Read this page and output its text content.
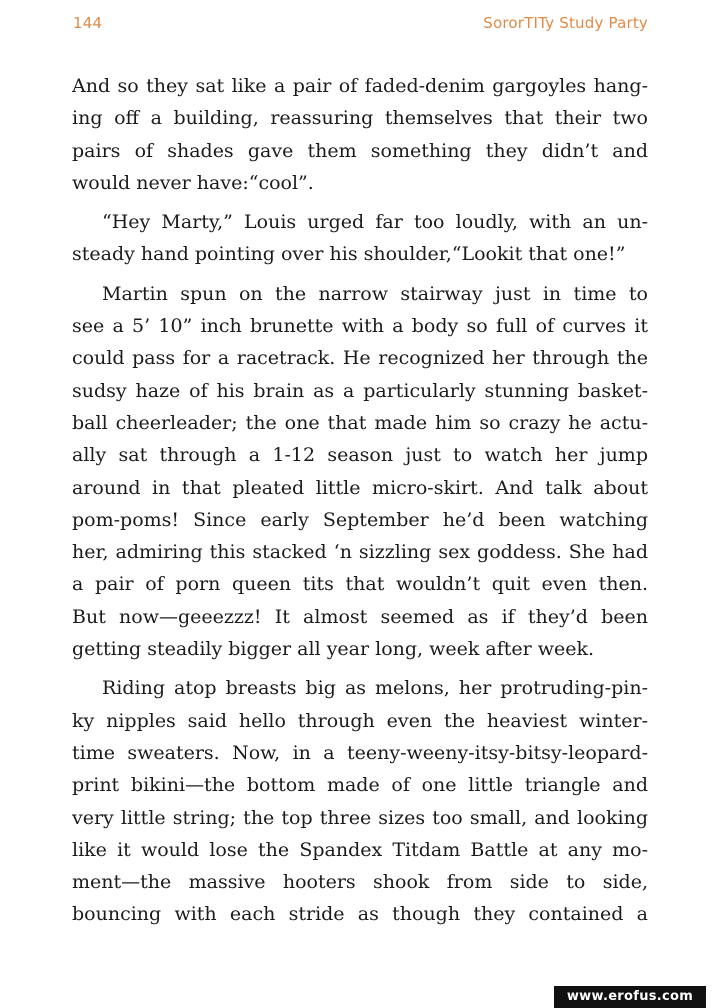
144	SororTITy Study Party
And so they sat like a pair of faded-denim gargoyles hang-
ing off a building, reassuring themselves that their two
pairs of shades gave them something they didn’t and
would never have:“cool”.
“Hey Marty,” Louis urged far too loudly, with an un-
steady hand pointing over his shoulder,“Lookit that one!”
Martin spun on the narrow stairway just in time to
see a 5’ 10” inch brunette with a body so full of curves it
could pass for a racetrack. He recognized her through the
sudsy haze of his brain as a particularly stunning basket-
ball cheerleader; the one that made him so crazy he actu-
ally sat through a 1-12 season just to watch her jump
around in that pleated little micro-skirt. And talk about
pom-poms! Since early September he’d been watching
her, admiring this stacked ‘n sizzling sex goddess. She had
a pair of porn queen tits that wouldn’t quit even then.
But now—geeezzz! It almost seemed as if they’d been
getting steadily bigger all year long, week after week.
Riding atop breasts big as melons, her protruding-pin-
ky nipples said hello through even the heaviest winter-
time sweaters. Now, in a teeny-weeny-itsy-bitsy-leopard-
print bikini—the bottom made of one little triangle and
very little string; the top three sizes too small, and looking
like it would lose the Spandex Titdam Battle at any mo-
ment—the massive hooters shook from side to side,
bouncing with each stride as though they contained a
www.erofus.com
